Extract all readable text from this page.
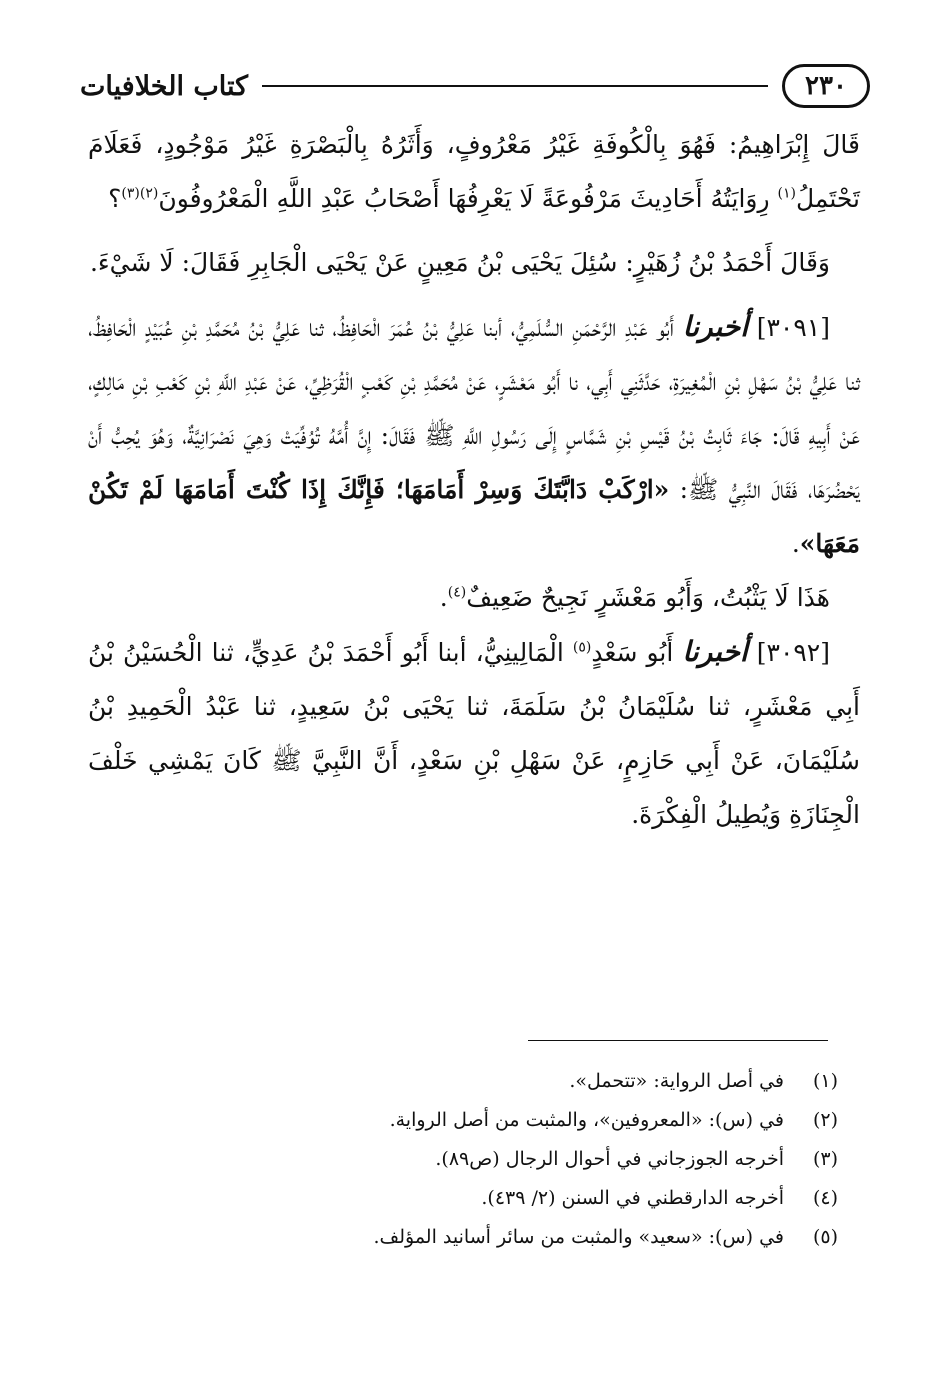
٢٣٠
كتاب الخلافيات

قَالَ إِبْرَاهِيمُ: فَهُوَ بِالْكُوفَةِ غَيْرُ مَعْرُوفٍ، وَأَثَرُهُ بِالْبَصْرَةِ غَيْرُ مَوْجُودٍ، فَعَلَامَ تَحْتَمِلُ$^{(١)}$ رِوَايَتُهُ أَحَادِيثَ مَرْفُوعَةً لَا يَعْرِفُهَا أَصْحَابُ عَبْدِ اللَّهِ الْمَعْرُوفُونَ$^{(٢)(٣)}$؟

وَقَالَ أَحْمَدُ بْنُ زُهَيْرٍ: سُئِلَ يَحْيَى بْنُ مَعِينٍ عَنْ يَحْيَى الْجَابِرِ فَقَالَ: لَا شَيْءَ.

[٣٠٩١] أخبرنا أَبُو عَبْدِ الرَّحْمَنِ السُّلَمِيُّ، أبنا عَلِيُّ بْنُ عُمَرَ الْحَافِظُ، ثنا عَلِيُّ بْنُ مُحَمَّدِ بْنِ عُبَيْدٍ الْحَافِظُ، ثنا عَلِيُّ بْنُ سَهْلِ بْنِ الْمُغِيرَةِ، حَدَّثَنِي أَبِي، نا أَبُو مَعْشَرٍ، عَنْ مُحَمَّدِ بْنِ كَعْبٍ الْقُرَظِيِّ، عَنْ عَبْدِ اللَّهِ بْنِ كَعْبِ بْنِ مَالِكٍ، عَنْ أَبِيهِ قَالَ: جَاءَ ثَابِتُ بْنُ قَيْسِ بْنِ شَمَّاسٍ إِلَى رَسُولِ اللَّهِ ﷺ فَقَالَ: إِنَّ أُمَّهُ تُوُفِّيَتْ وَهِيَ نَصْرَانِيَّةٌ، وَهُوَ يُحِبُّ أَنْ يَحْضُرَهَا، فَقَالَ النَّبِيُّ ﷺ: «ارْكَبْ دَابَّتَكَ وَسِرْ أَمَامَهَا؛ فَإِنَّكَ إِذَا كُنْتَ أَمَامَهَا لَمْ تَكُنْ مَعَهَا».

هَذَا لَا يَثْبُتُ، وَأَبُو مَعْشَرٍ نَجِيحٌ ضَعِيفٌ$^{(٤)}$.

[٣٠٩٢] أخبرنا أَبُو سَعْدٍ$^{(٥)}$ الْمَالِينِيُّ، أبنا أَبُو أَحْمَدَ بْنُ عَدِيٍّ، ثنا الْحُسَيْنُ بْنُ أَبِي مَعْشَرٍ، ثنا سُلَيْمَانُ بْنُ سَلَمَةَ، ثنا يَحْيَى بْنُ سَعِيدٍ، ثنا عَبْدُ الْحَمِيدِ بْنُ سُلَيْمَانَ، عَنْ أَبِي حَازِمٍ، عَنْ سَهْلِ بْنِ سَعْدٍ، أَنَّ النَّبِيَّ ﷺ كَانَ يَمْشِي خَلْفَ الْجِنَازَةِ وَيُطِيلُ الْفِكْرَةَ.

(١)
في أصل الرواية: «تتحمل».
(٢)
في (س): «المعروفين»، والمثبت من أصل الرواية.
(٣)
أخرجه الجوزجاني في أحوال الرجال (ص٨٩).
(٤)
أخرجه الدارقطني في السنن (٢/ ٤٣٩).
(٥)
في (س): «سعيد» والمثبت من سائر أسانيد المؤلف.
